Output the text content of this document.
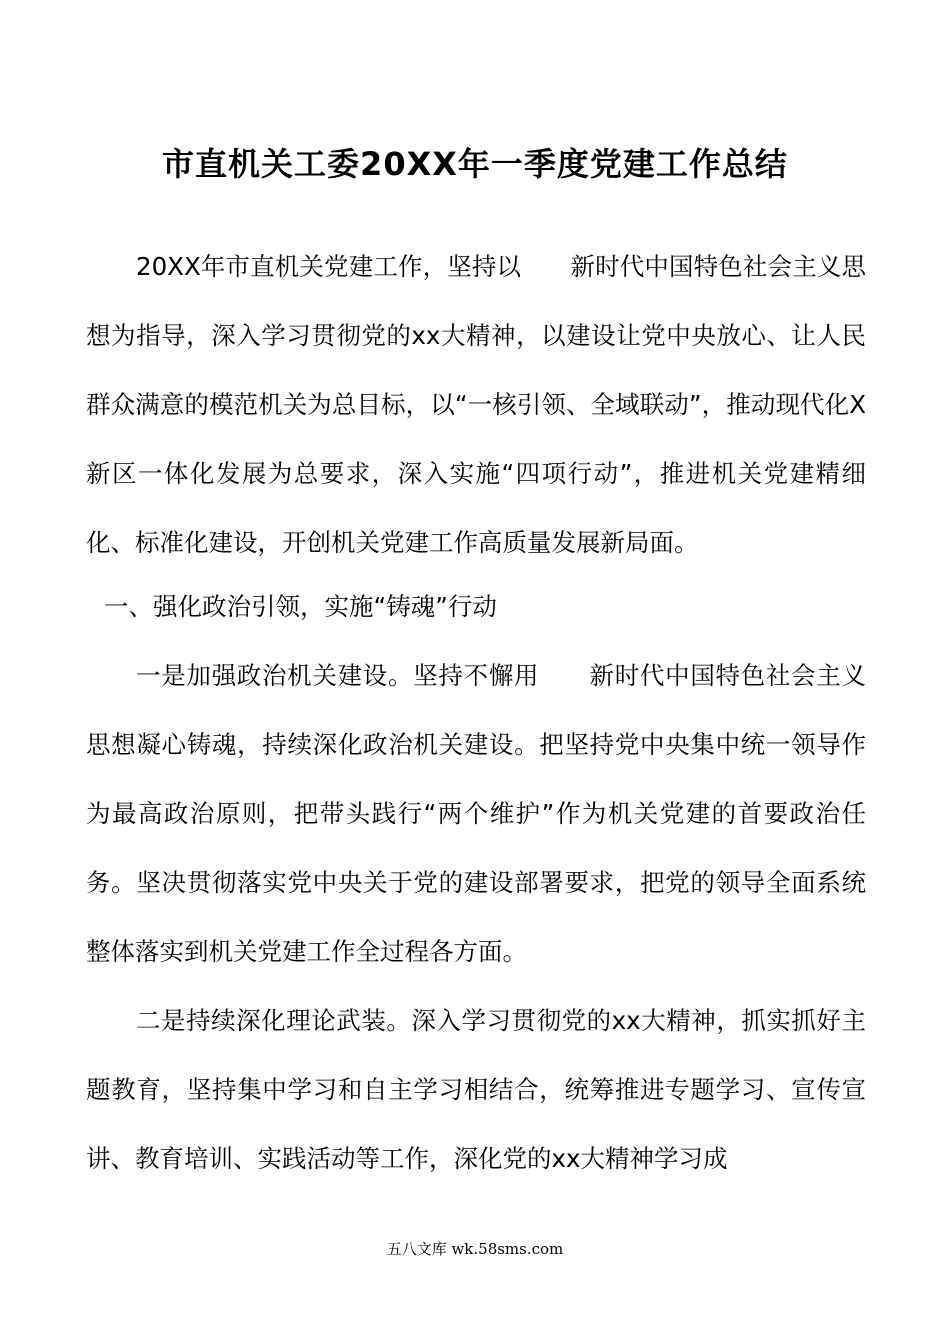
市直机关工委20XX年一季度党建工作总结

20XX年市直机关党建工作，坚持以　　新时代中国特色社会主义思想为指导，深入学习贯彻党的xx大精神，以建设让党中央放心、让人民群众满意的模范机关为总目标，以“一核引领、全域联动”，推动现代化X新区一体化发展为总要求，深入实施“四项行动”，推进机关党建精细化、标准化建设，开创机关党建工作高质量发展新局面。

一、强化政治引领，实施“铸魂”行动

一是加强政治机关建设。坚持不懈用　　新时代中国特色社会主义思想凝心铸魂，持续深化政治机关建设。把坚持党中央集中统一领导作为最高政治原则，把带头践行“两个维护”作为机关党建的首要政治任务。坚决贯彻落实党中央关于党的建设部署要求，把党的领导全面系统整体落实到机关党建工作全过程各方面。

二是持续深化理论武装。深入学习贯彻党的xx大精神，抓实抓好主题教育，坚持集中学习和自主学习相结合，统筹推进专题学习、宣传宣讲、教育培训、实践活动等工作，深化党的xx大精神学习成

五八文库 wk.58sms.com
